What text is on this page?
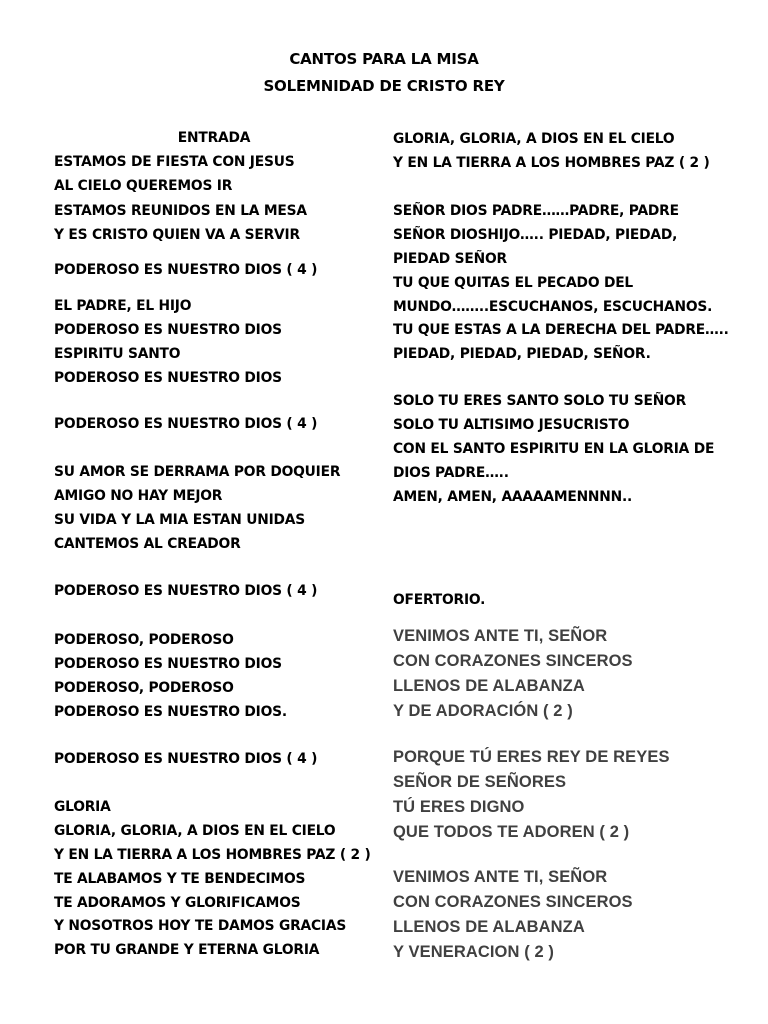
CANTOS PARA LA MISA
SOLEMNIDAD DE CRISTO REY
ENTRADA
ESTAMOS DE FIESTA CON JESUS
AL CIELO QUEREMOS IR
ESTAMOS REUNIDOS EN LA MESA
Y ES CRISTO QUIEN VA A SERVIR
PODEROSO ES NUESTRO DIOS ( 4 )
EL PADRE, EL HIJO
PODEROSO ES NUESTRO DIOS
ESPIRITU SANTO
PODEROSO ES NUESTRO DIOS
PODEROSO ES NUESTRO DIOS ( 4 )
SU AMOR SE DERRAMA POR DOQUIER
AMIGO NO HAY MEJOR
SU VIDA Y LA MIA ESTAN UNIDAS
CANTEMOS AL CREADOR
PODEROSO ES NUESTRO DIOS ( 4 )
PODEROSO, PODEROSO
PODEROSO ES NUESTRO DIOS
PODEROSO, PODEROSO
PODEROSO ES NUESTRO DIOS.
PODEROSO ES NUESTRO DIOS ( 4 )
GLORIA
GLORIA, GLORIA, A DIOS EN EL CIELO
Y EN LA TIERRA A LOS HOMBRES PAZ ( 2 )
TE ALABAMOS Y TE BENDECIMOS
TE ADORAMOS Y GLORIFICAMOS
Y NOSOTROS HOY TE DAMOS GRACIAS
POR TU GRANDE Y ETERNA GLORIA
GLORIA, GLORIA, A DIOS EN EL CIELO
Y EN LA TIERRA A LOS HOMBRES PAZ ( 2 )
SEÑOR DIOS PADRE……PADRE, PADRE
SEÑOR DIOSHIJO….. PIEDAD, PIEDAD,
PIEDAD SEÑOR
TU QUE QUITAS EL PECADO DEL
MUNDO……..ESCUCHANOS, ESCUCHANOS.
TU QUE ESTAS A LA DERECHA DEL PADRE…..
PIEDAD, PIEDAD, PIEDAD, SEÑOR.
SOLO TU ERES SANTO SOLO TU SEÑOR
SOLO TU ALTISIMO JESUCRISTO
CON EL SANTO ESPIRITU EN LA GLORIA DE
DIOS PADRE…..
AMEN, AMEN, AAAAAMENNNN..
OFERTORIO.
VENIMOS ANTE TI, SEÑOR
CON CORAZONES SINCEROS
LLENOS DE ALABANZA
Y DE ADORACIÓN ( 2 )
PORQUE TÚ ERES REY DE REYES
SEÑOR DE SEÑORES
TÚ ERES DIGNO
QUE TODOS TE ADOREN ( 2 )
VENIMOS ANTE TI, SEÑOR
CON CORAZONES SINCEROS
LLENOS DE ALABANZA
Y VENERACION ( 2 )
